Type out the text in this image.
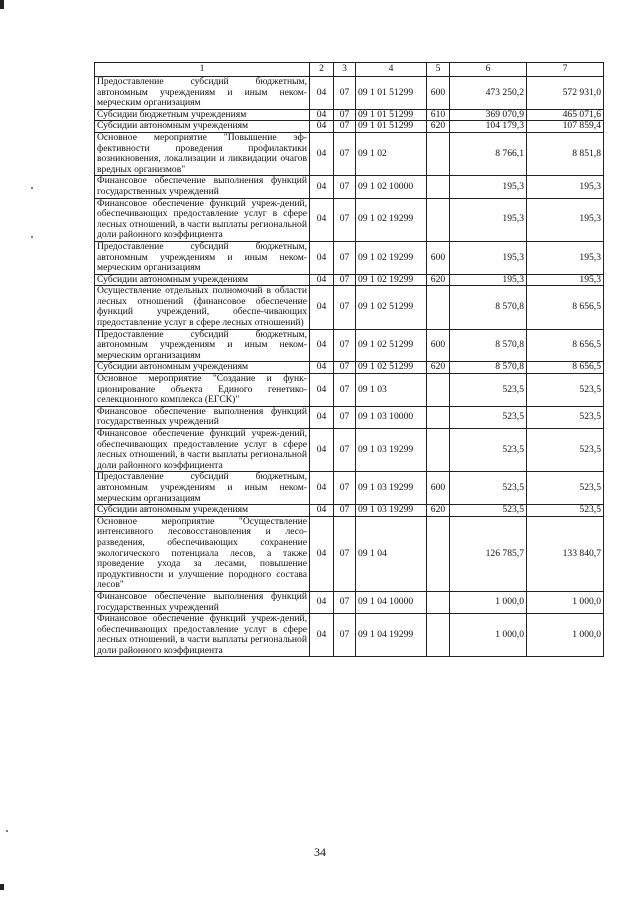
1	2	3	4	5	6	7
Предоставление субсидий бюджетным, автономным учреждениям и иным неком-мерческим организациям	04	07	09 1 01 51299	600	473 250,2	572 931,0
Субсидии бюджетным учреждениям	04	07	09 1 01 51299	610	369 070,9	465 071,6
Субсидии автономным учреждениям	04	07	09 1 01 51299	620	104 179,3	107 859,4
Основное мероприятие "Повышение эф-фективности проведения профилактики возникновения, локализации и ликвидации очагов вредных организмов"	04	07	09 1 02		8 766,1	8 851,8
Финансовое обеспечение выполнения функций государственных учреждений	04	07	09 1 02 10000		195,3	195,3
Финансовое обеспечение функций учреж-дений, обеспечивающих предоставление услуг в сфере лесных отношений, в части выплаты региональной доли районного коэффициента	04	07	09 1 02 19299		195,3	195,3
Предоставление субсидий бюджетным, автономным учреждениям и иным неком-мерческим организациям	04	07	09 1 02 19299	600	195,3	195,3
Субсидии автономным учреждениям	04	07	09 1 02 19299	620	195,3	195,3
Осуществление отдельных полномочий в области лесных отношений (финансовое обеспечение функций учреждений, обеспе-чивающих предоставление услуг в сфере лесных отношений)	04	07	09 1 02 51299		8 570,8	8 656,5
Предоставление субсидий бюджетным, автономным учреждениям и иным неком-мерческим организациям	04	07	09 1 02 51299	600	8 570,8	8 656,5
Субсидии автономным учреждениям	04	07	09 1 02 51299	620	8 570,8	8 656,5
Основное мероприятие "Создание и функ-ционирование объекта Единого генетико-селекционного комплекса (ЕГСК)"	04	07	09 1 03		523,5	523,5
Финансовое обеспечение выполнения функций государственных учреждений	04	07	09 1 03 10000		523,5	523,5
Финансовое обеспечение функций учреж-дений, обеспечивающих предоставление услуг в сфере лесных отношений, в части выплаты региональной доли районного коэффициента	04	07	09 1 03 19299		523,5	523,5
Предоставление субсидий бюджетным, автономным учреждениям и иным неком-мерческим организациям	04	07	09 1 03 19299	600	523,5	523,5
Субсидии автономным учреждениям	04	07	09 1 03 19299	620	523,5	523,5
Основное мероприятие "Осуществление интенсивного лесовосстановления и лесо-разведения, обеспечивающих сохранение экологического потенциала лесов, а также проведение ухода за лесами, повышение продуктивности и улучшение породного состава лесов"	04	07	09 1 04		126 785,7	133 840,7
Финансовое обеспечение выполнения функций государственных учреждений	04	07	09 1 04 10000		1 000,0	1 000,0
Финансовое обеспечение функций учреж-дений, обеспечивающих предоставление услуг в сфере лесных отношений, в части выплаты региональной доли районного коэффициента	04	07	09 1 04 19299		1 000,0	1 000,0
34
